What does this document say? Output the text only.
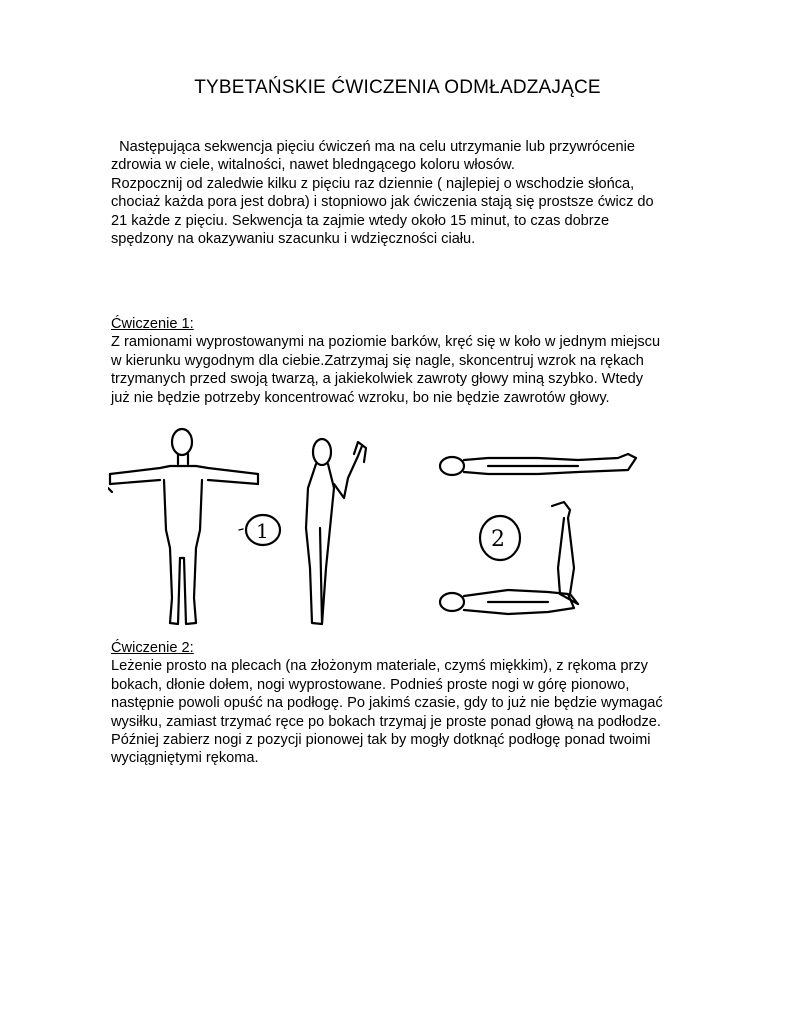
TYBETAŃSKIE ĆWICZENIA ODMŁADZAJĄCE
Następująca sekwencja pięciu ćwiczeń ma na celu utrzymanie lub przywrócenie
zdrowia w ciele, witalności, nawet bledngącego koloru włosów.
Rozpocznij od zaledwie kilku z pięciu raz dziennie ( najlepiej o wschodzie słońca,
chociaż każda pora jest dobra) i stopniowo jak ćwiczenia stają się prostsze ćwicz do
21 każde z pięciu. Sekwencja ta zajmie wtedy około 15 minut, to czas dobrze
spędzony na okazywaniu szacunku i wdzięczności ciału.
Ćwiczenie 1:
Z ramionami wyprostowanymi na poziomie barków, kręć się w koło w jednym miejscu
w kierunku wygodnym dla ciebie.Zatrzymaj się nagle, skoncentruj wzrok na rękach
trzymanych przed swoją twarzą, a jakiekolwiek zawroty głowy miną szybko. Wtedy
już nie będzie potrzeby koncentrować wzroku, bo nie będzie zawrotów głowy.
1	2
Ćwiczenie 2:
Leżenie prosto na plecach (na złożonym materiale, czymś miękkim), z rękoma przy
bokach, dłonie dołem, nogi wyprostowane. Podnieś proste nogi w górę pionowo,
następnie powoli opuść na podłogę. Po jakimś czasie, gdy to już nie będzie wymagać
wysiłku, zamiast trzymać ręce po bokach trzymaj je proste ponad głową na podłodze.
Później zabierz nogi z pozycji pionowej tak by mogły dotknąć podłogę ponad twoimi
wyciągniętymi rękoma.
